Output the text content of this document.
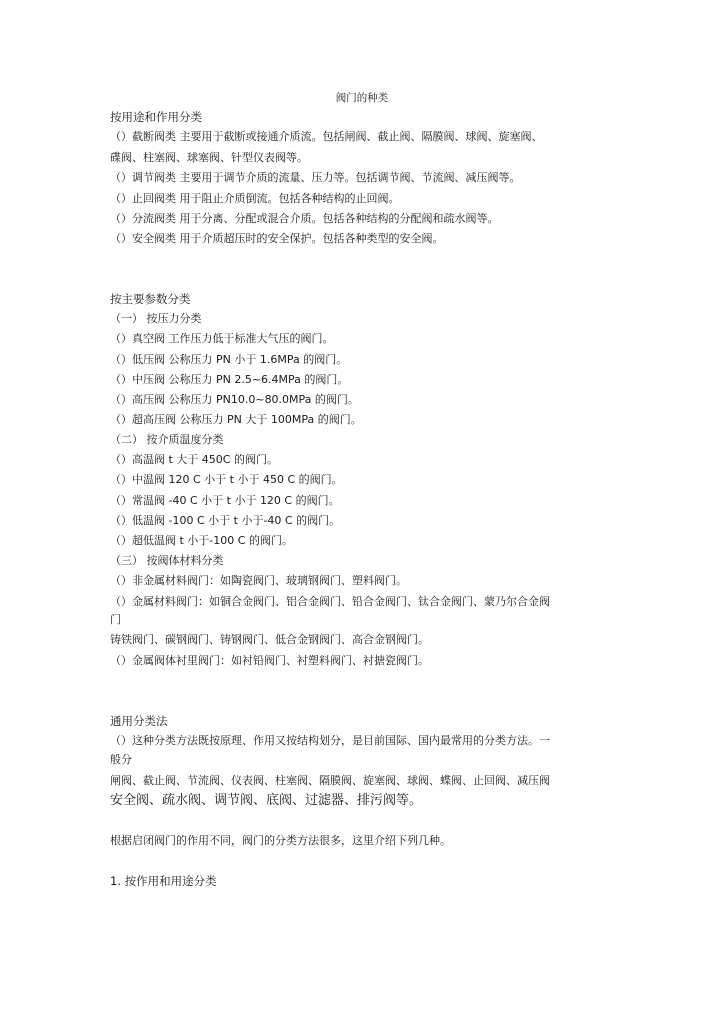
阀门的种类
按用途和作用分类
（）截断阀类 主要用于截断或接通介质流。包括闸阀、截止阀、隔膜阀、球阀、旋塞阀、
碟阀、柱塞阀、球塞阀、针型仪表阀等。
（）调节阀类 主要用于调节介质的流量、压力等。包括调节阀、节流阀、减压阀等。
（）止回阀类 用于阻止介质倒流。包括各种结构的止回阀。
（）分流阀类 用于分离、分配或混合介质。包括各种结构的分配阀和疏水阀等。
（）安全阀类 用于介质超压时的安全保护。包括各种类型的安全阀。
按主要参数分类
（一） 按压力分类
（）真空阀 工作压力低于标准大气压的阀门。
（）低压阀 公称压力 PN 小于 1.6MPa 的阀门。
（）中压阀 公称压力 PN 2.5~6.4MPa 的阀门。
（）高压阀 公称压力 PN10.0~80.0MPa 的阀门。
（）超高压阀 公称压力 PN 大于 100MPa 的阀门。
（二） 按介质温度分类
（）高温阀 t 大于 450C 的阀门。
（）中温阀 120 C 小于 t 小于 450 C 的阀门。
（）常温阀 -40 C 小于 t 小于 120 C 的阀门。
（）低温阀 -100 C 小于 t 小于-40 C 的阀门。
（）超低温阀 t 小于-100 C 的阀门。
（三） 按阀体材料分类
（）非金属材料阀门：如陶瓷阀门、玻璃钢阀门、塑料阀门。
（）金属材料阀门：如铜合金阀门、铝合金阀门、铅合金阀门、钛合金阀门、蒙乃尔合金阀
门
铸铁阀门、碳钢阀门、铸钢阀门、低合金钢阀门、高合金钢阀门。
（）金属阀体衬里阀门：如衬铅阀门、衬塑料阀门、衬搪瓷阀门。
通用分类法
（）这种分类方法既按原理、作用又按结构划分，是目前国际、国内最常用的分类方法。一
般分
闸阀、截止阀、节流阀、仪表阀、柱塞阀、隔膜阀、旋塞阀、球阀、蝶阀、止回阀、减压阀
安全阀、疏水阀、调节阀、底阀、过滤器、排污阀等。
根据启闭阀门的作用不同，阀门的分类方法很多，这里介绍下列几种。
1. 按作用和用途分类
